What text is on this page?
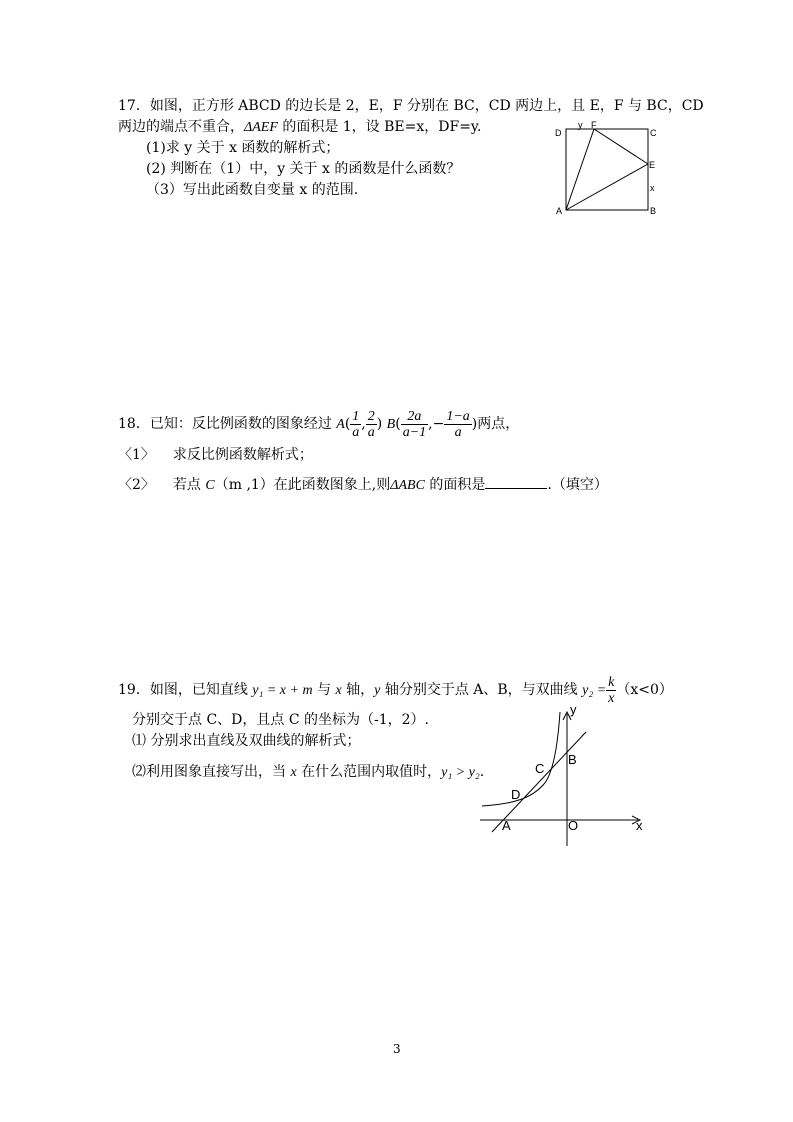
17．如图，正方形 ABCD 的边长是 2，E，F 分别在 BC，CD 两边上，且 E，F 与 BC，CD
两边的端点不重合，ΔAEF 的面积是 1，设 BE=x，DF=y.
(1)求 y 关于 x 函数的解析式；
(2) 判断在（1）中，y 关于 x 的函数是什么函数？
（3）写出此函数自变量 x 的范围.
D
y F
C
E
x
A	B
18．已知：反比例函数的图象经过 $A( \frac{1}{a}$ , $\frac{2}{a}$ ) $B( \frac{2a}{a-1}$ ,− $\frac{1-a}{a}$ )两点，
〈1〉 求反比例函数解析式；
〈2〉 若点 C（m ,1）在此函数图象上,则ΔABC 的面积是	.（填空）
19．如图，已知直线 y₁ = x + m 与 x 轴，y 轴分别交于点 A、B，与双曲线 $y_2 = \frac{k}{x} (x<0)$
分别交于点 C、D，且点 C 的坐标为（-1，2）.
⑴ 分别求出直线及双曲线的解析式；
⑵利用图象直接写出，当 x 在什么范围内取值时，y₁ > y₂.
y
x
O
A
B
C
D
3
